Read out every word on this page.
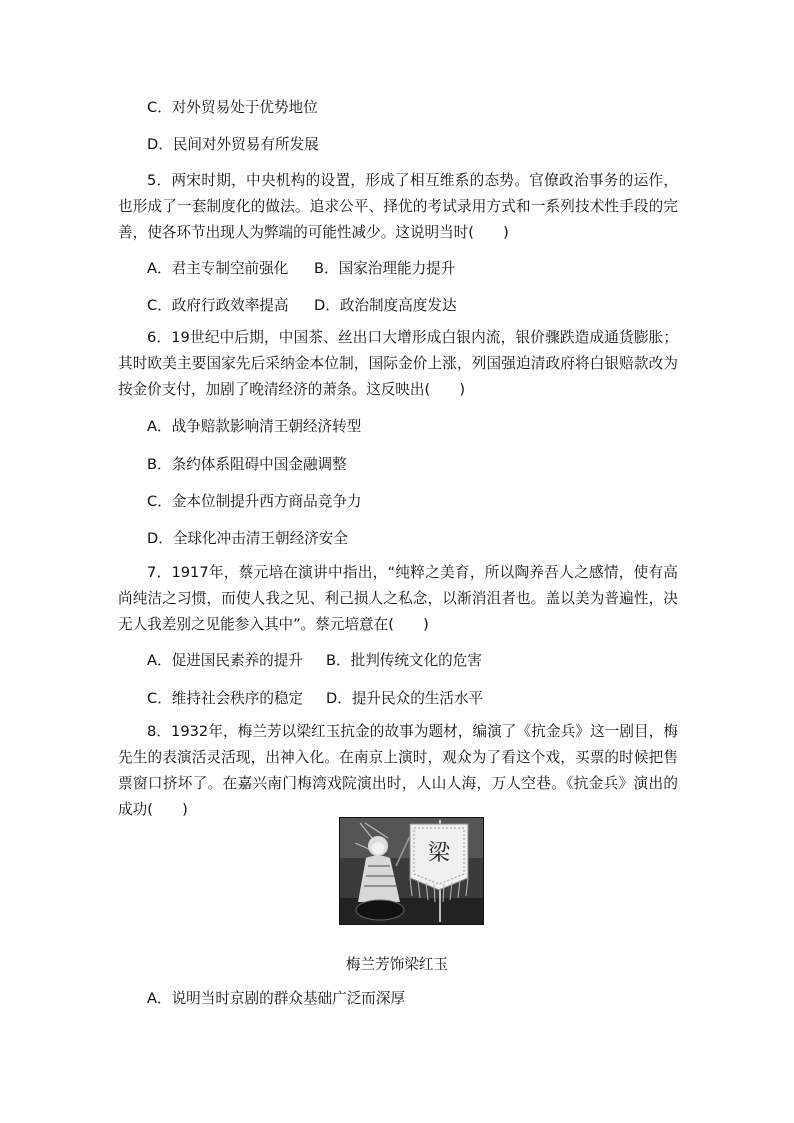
C．对外贸易处于优势地位
D．民间对外贸易有所发展
5．两宋时期，中央机构的设置，形成了相互维系的态势。官僚政治事务的运作，也形成了一套制度化的做法。追求公平、择优的考试录用方式和一系列技术性手段的完善，使各环节出现人为弊端的可能性减少。这说明当时(　　)
A．君主专制空前强化 B．国家治理能力提升
C．政府行政效率提高 D．政治制度高度发达
6．19世纪中后期，中国茶、丝出口大增形成白银内流，银价骤跌造成通货膨胀；其时欧美主要国家先后采纳金本位制，国际金价上涨，列国强迫清政府将白银赔款改为按金价支付，加剧了晚清经济的萧条。这反映出(　　)
A．战争赔款影响清王朝经济转型
B．条约体系阻碍中国金融调整
C．金本位制提升西方商品竞争力
D．全球化冲击清王朝经济安全
7．1917年，蔡元培在演讲中指出，“纯粹之美育，所以陶养吾人之感情，使有高尚纯洁之习惯，而使人我之见、利己损人之私念，以渐消沮者也。盖以美为普遍性，决无人我差别之见能参入其中”。蔡元培意在(　　)
A．促进国民素养的提升 B．批判传统文化的危害
C．维持社会秩序的稳定 D．提升民众的生活水平
8．1932年，梅兰芳以梁红玉抗金的故事为题材，编演了《抗金兵》这一剧目，梅先生的表演活灵活现，出神入化。在南京上演时，观众为了看这个戏，买票的时候把售票窗口挤坏了。在嘉兴南门梅湾戏院演出时，人山人海，万人空巷。《抗金兵》演出的成功(　　)
梁
梅兰芳饰梁红玉
A．说明当时京剧的群众基础广泛而深厚
